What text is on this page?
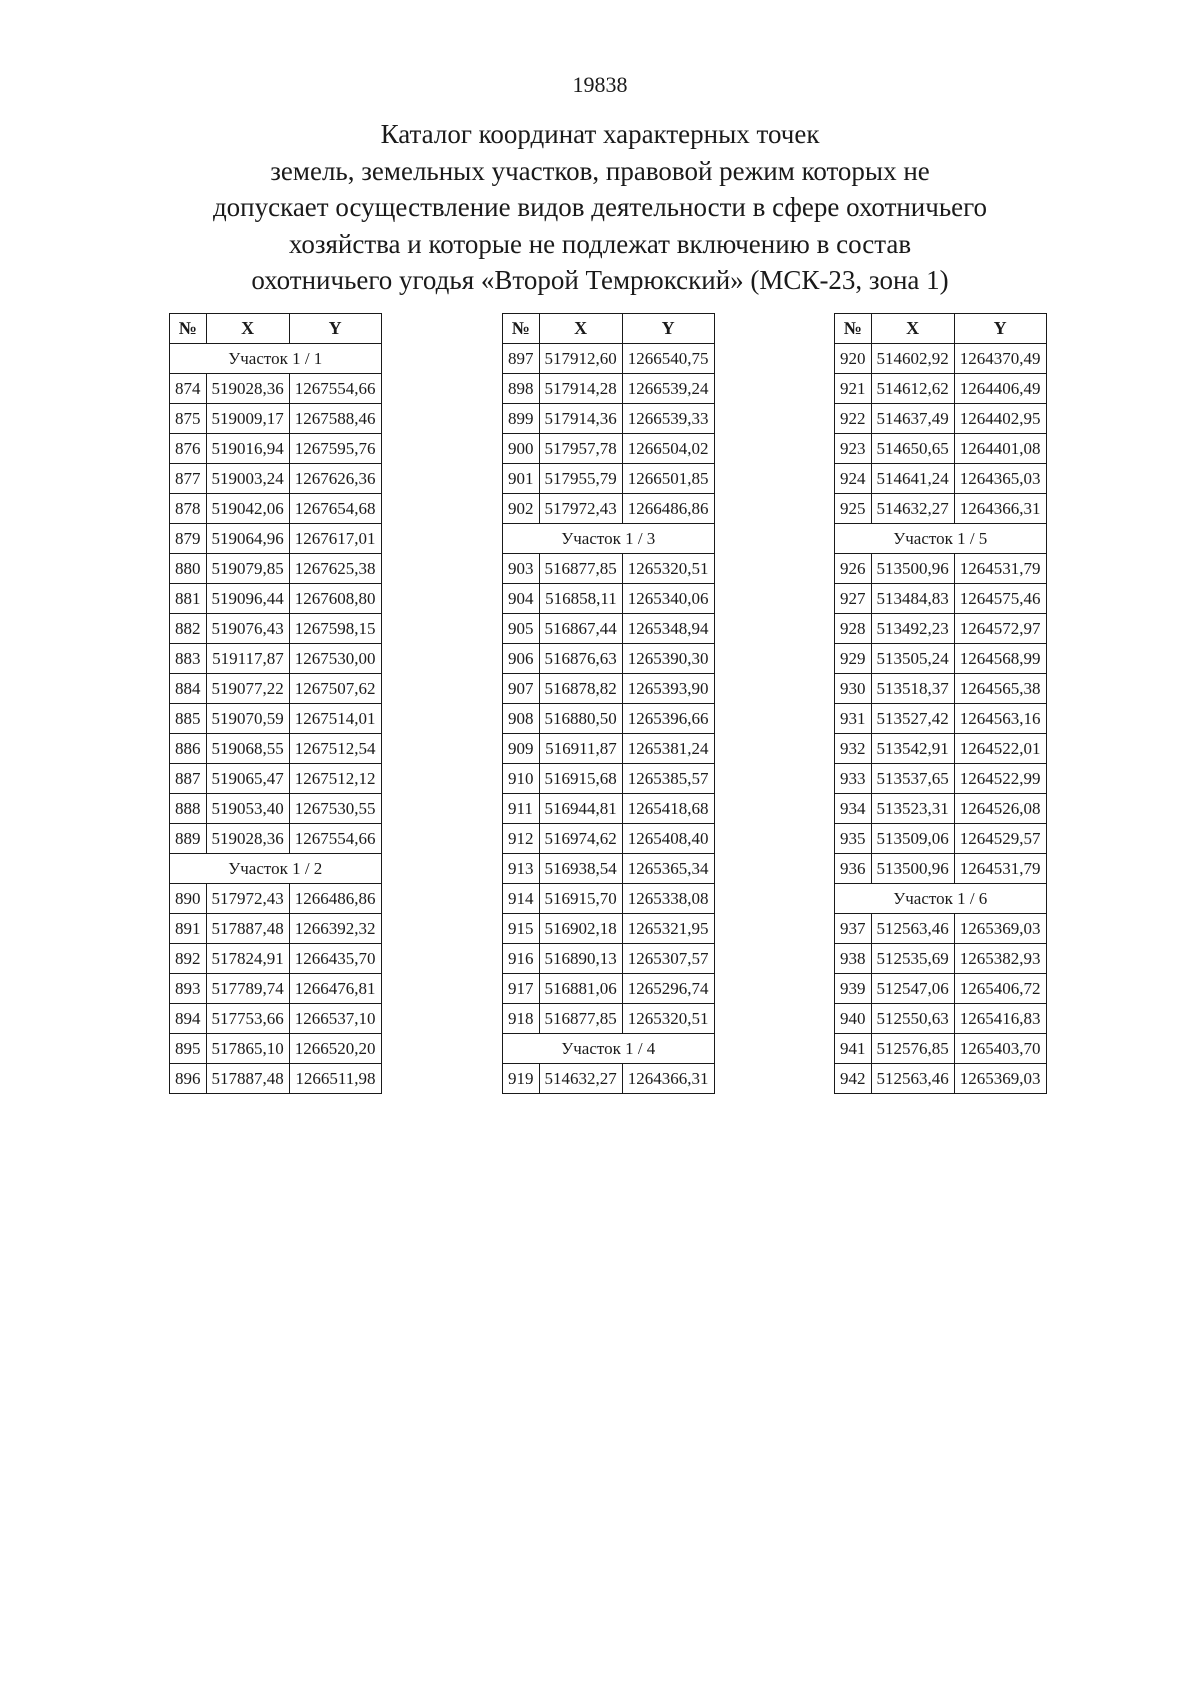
19838
Каталог координат характерных точек
земель, земельных участков, правовой режим которых не
допускает осуществление видов деятельности в сфере охотничьего
хозяйства и которые не подлежат включению в состав
охотничьего угодья «Второй Темрюкский» (МСК-23, зона 1)
№	X	Y
Участок 1 / 1		
874	519028,36	1267554,66
875	519009,17	1267588,46
876	519016,94	1267595,76
877	519003,24	1267626,36
878	519042,06	1267654,68
879	519064,96	1267617,01
880	519079,85	1267625,38
881	519096,44	1267608,80
882	519076,43	1267598,15
883	519117,87	1267530,00
884	519077,22	1267507,62
885	519070,59	1267514,01
886	519068,55	1267512,54
887	519065,47	1267512,12
888	519053,40	1267530,55
889	519028,36	1267554,66
Участок 1 / 2		
890	517972,43	1266486,86
891	517887,48	1266392,32
892	517824,91	1266435,70
893	517789,74	1266476,81
894	517753,66	1266537,10
895	517865,10	1266520,20
896	517887,48	1266511,98
№	X	Y
897	517912,60	1266540,75
898	517914,28	1266539,24
899	517914,36	1266539,33
900	517957,78	1266504,02
901	517955,79	1266501,85
902	517972,43	1266486,86
Участок 1 / 3		
903	516877,85	1265320,51
904	516858,11	1265340,06
905	516867,44	1265348,94
906	516876,63	1265390,30
907	516878,82	1265393,90
908	516880,50	1265396,66
909	516911,87	1265381,24
910	516915,68	1265385,57
911	516944,81	1265418,68
912	516974,62	1265408,40
913	516938,54	1265365,34
914	516915,70	1265338,08
915	516902,18	1265321,95
916	516890,13	1265307,57
917	516881,06	1265296,74
918	516877,85	1265320,51
Участок 1 / 4		
919	514632,27	1264366,31
№	X	Y
920	514602,92	1264370,49
921	514612,62	1264406,49
922	514637,49	1264402,95
923	514650,65	1264401,08
924	514641,24	1264365,03
925	514632,27	1264366,31
Участок 1 / 5		
926	513500,96	1264531,79
927	513484,83	1264575,46
928	513492,23	1264572,97
929	513505,24	1264568,99
930	513518,37	1264565,38
931	513527,42	1264563,16
932	513542,91	1264522,01
933	513537,65	1264522,99
934	513523,31	1264526,08
935	513509,06	1264529,57
936	513500,96	1264531,79
Участок 1 / 6		
937	512563,46	1265369,03
938	512535,69	1265382,93
939	512547,06	1265406,72
940	512550,63	1265416,83
941	512576,85	1265403,70
942	512563,46	1265369,03
